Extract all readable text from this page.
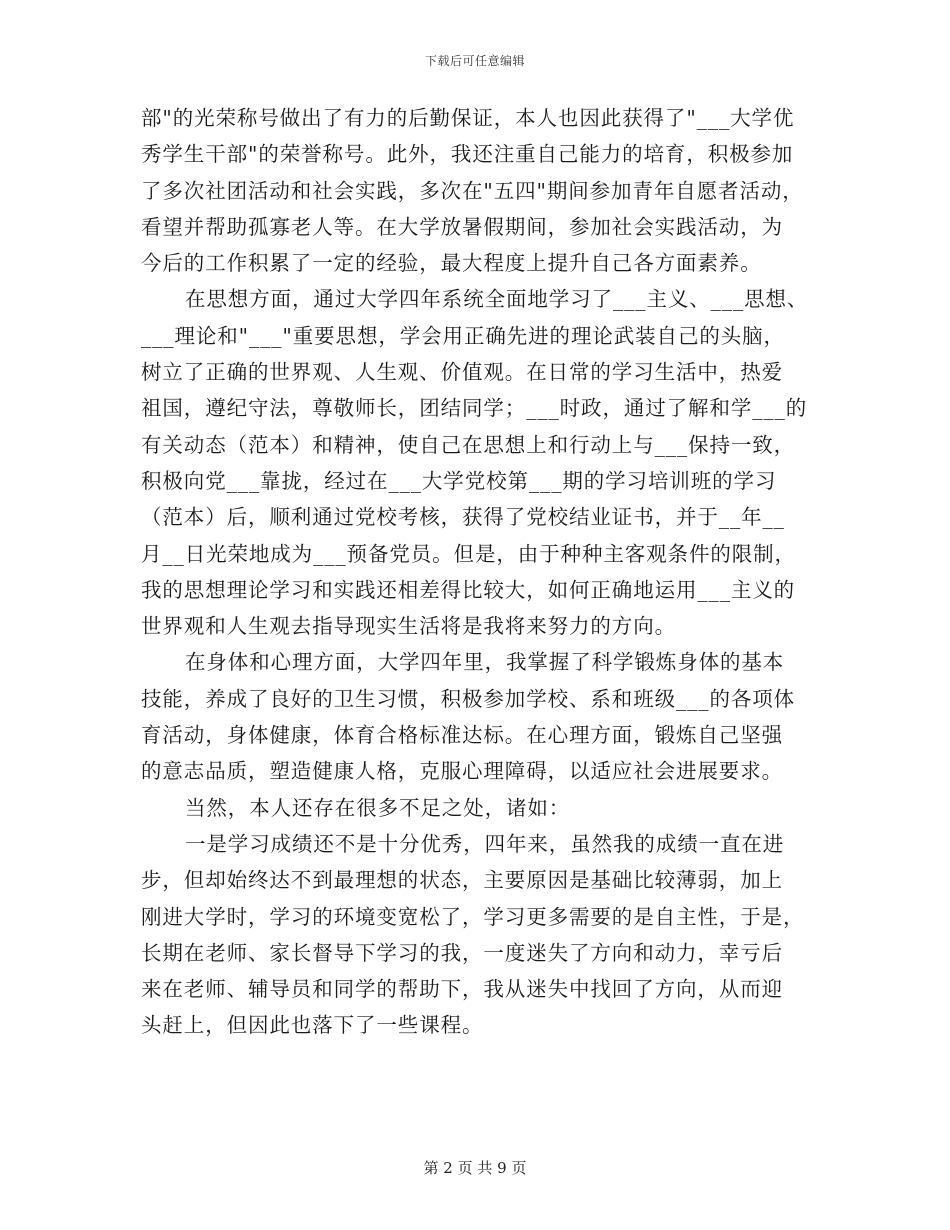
下载后可任意编辑
部"的光荣称号做出了有力的后勤保证，本人也因此获得了"___大学优
秀学生干部"的荣誉称号。此外，我还注重自己能力的培育，积极参加
了多次社团活动和社会实践，多次在"五四"期间参加青年自愿者活动，
看望并帮助孤寡老人等。在大学放暑假期间，参加社会实践活动，为
今后的工作积累了一定的经验，最大程度上提升自己各方面素养。
在思想方面，通过大学四年系统全面地学习了___主义、___思想、
___理论和"___"重要思想，学会用正确先进的理论武装自己的头脑，
树立了正确的世界观、人生观、价值观。在日常的学习生活中，热爱
祖国，遵纪守法，尊敬师长，团结同学；___时政，通过了解和学___的
有关动态（范本）和精神，使自己在思想上和行动上与___保持一致，
积极向党___靠拢，经过在___大学党校第___期的学习培训班的学习
（范本）后，顺利通过党校考核，获得了党校结业证书，并于__年__
月__日光荣地成为___预备党员。但是，由于种种主客观条件的限制，
我的思想理论学习和实践还相差得比较大，如何正确地运用___主义的
世界观和人生观去指导现实生活将是我将来努力的方向。
在身体和心理方面，大学四年里，我掌握了科学锻炼身体的基本
技能，养成了良好的卫生习惯，积极参加学校、系和班级___的各项体
育活动，身体健康，体育合格标准达标。在心理方面，锻炼自己坚强
的意志品质，塑造健康人格，克服心理障碍，以适应社会进展要求。
当然，本人还存在很多不足之处，诸如：
一是学习成绩还不是十分优秀，四年来，虽然我的成绩一直在进
步，但却始终达不到最理想的状态，主要原因是基础比较薄弱，加上
刚进大学时，学习的环境变宽松了，学习更多需要的是自主性，于是，
长期在老师、家长督导下学习的我，一度迷失了方向和动力，幸亏后
来在老师、辅导员和同学的帮助下，我从迷失中找回了方向，从而迎
头赶上，但因此也落下了一些课程。
第 2 页 共 9 页
